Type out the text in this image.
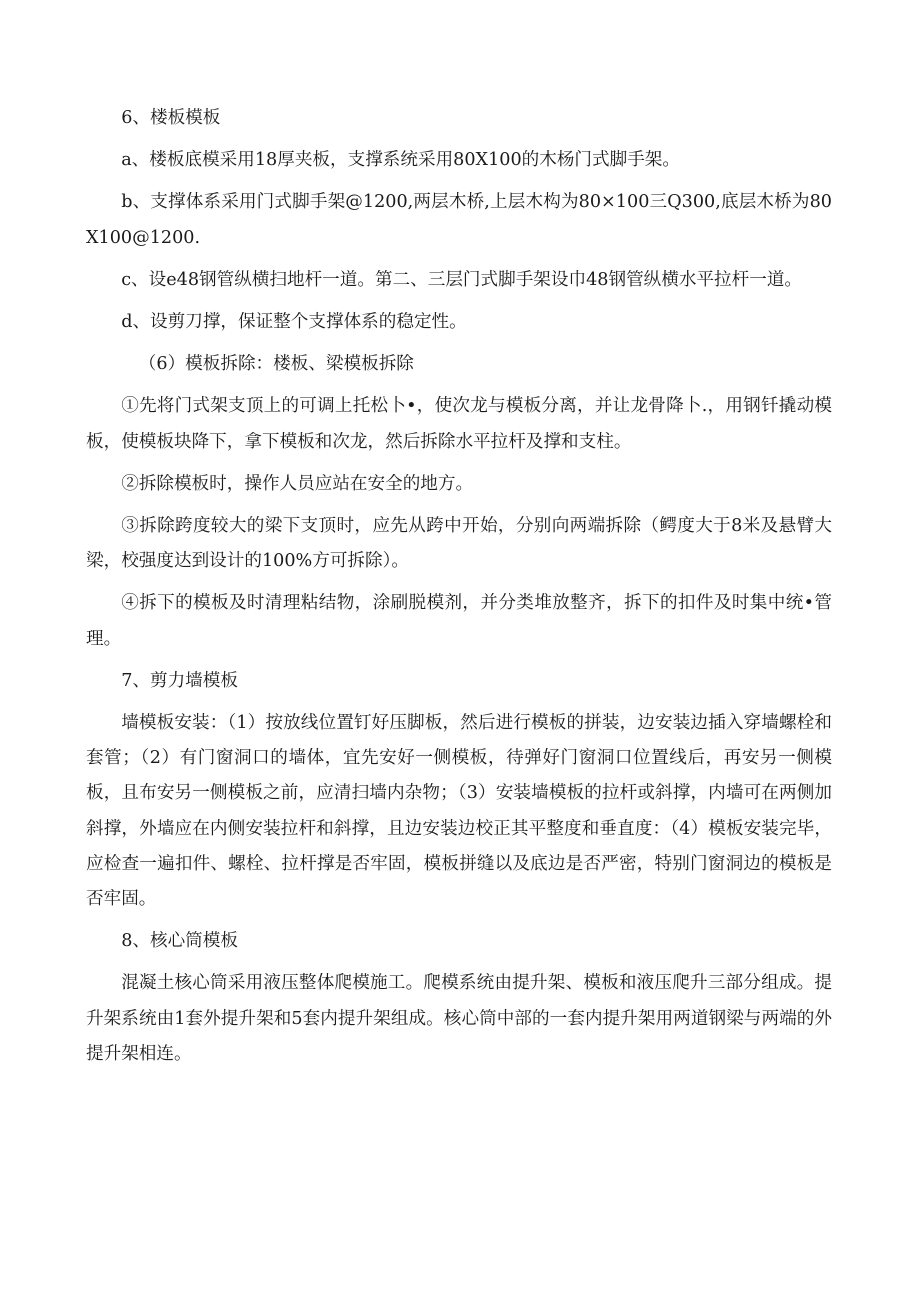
6、楼板模板

a、楼板底模采用18厚夹板，支撑系统采用80X100的木杨门式脚手架。

b、支撑体系采用门式脚手架@1200,两层木桥,上层木构为80×100三Q300,底层木桥为80X100@1200.

c、设e48钢管纵横扫地杆一道。第二、三层门式脚手架设巾48钢管纵横水平拉杆一道。

d、设剪刀撑，保证整个支撑体系的稳定性。

（6）模板拆除：楼板、梁模板拆除

①先将门式架支顶上的可调上托松卜•，使次龙与模板分离，并让龙骨降卜.，用钢钎撬动模板，使模板块降下，拿下模板和次龙，然后拆除水平拉杆及撑和支柱。

②拆除模板时，操作人员应站在安全的地方。

③拆除跨度较大的梁下支顶时，应先从跨中开始，分别向两端拆除（鳄度大于8米及悬臂大梁，校强度达到设计的100%方可拆除）。

④拆下的模板及时清理粘结物，涂刷脱模剂，并分类堆放整齐，拆下的扣件及时集中统•管理。

7、剪力墙模板

墙模板安装：（1）按放线位置钉好压脚板，然后进行模板的拼装，边安装边插入穿墙螺栓和套管；（2）有门窗洞口的墙体，宜先安好一侧模板，待弹好门窗洞口位置线后，再安另一侧模板，且布安另一侧模板之前，应清扫墙内杂物；（3）安装墙模板的拉杆或斜撑，内墙可在两侧加斜撑，外墙应在内侧安装拉杆和斜撑，且边安装边校正其平整度和垂直度：（4）模板安装完毕，应检查一遍扣件、螺栓、拉杆撑是否牢固，模板拼缝以及底边是否严密，特别门窗洞边的模板是否牢固。

8、核心筒模板

混凝土核心筒采用液压整体爬模施工。爬模系统由提升架、模板和液压爬升三部分组成。提升架系统由1套外提升架和5套内提升架组成。核心筒中部的一套内提升架用两道钢梁与两端的外提升架相连。
